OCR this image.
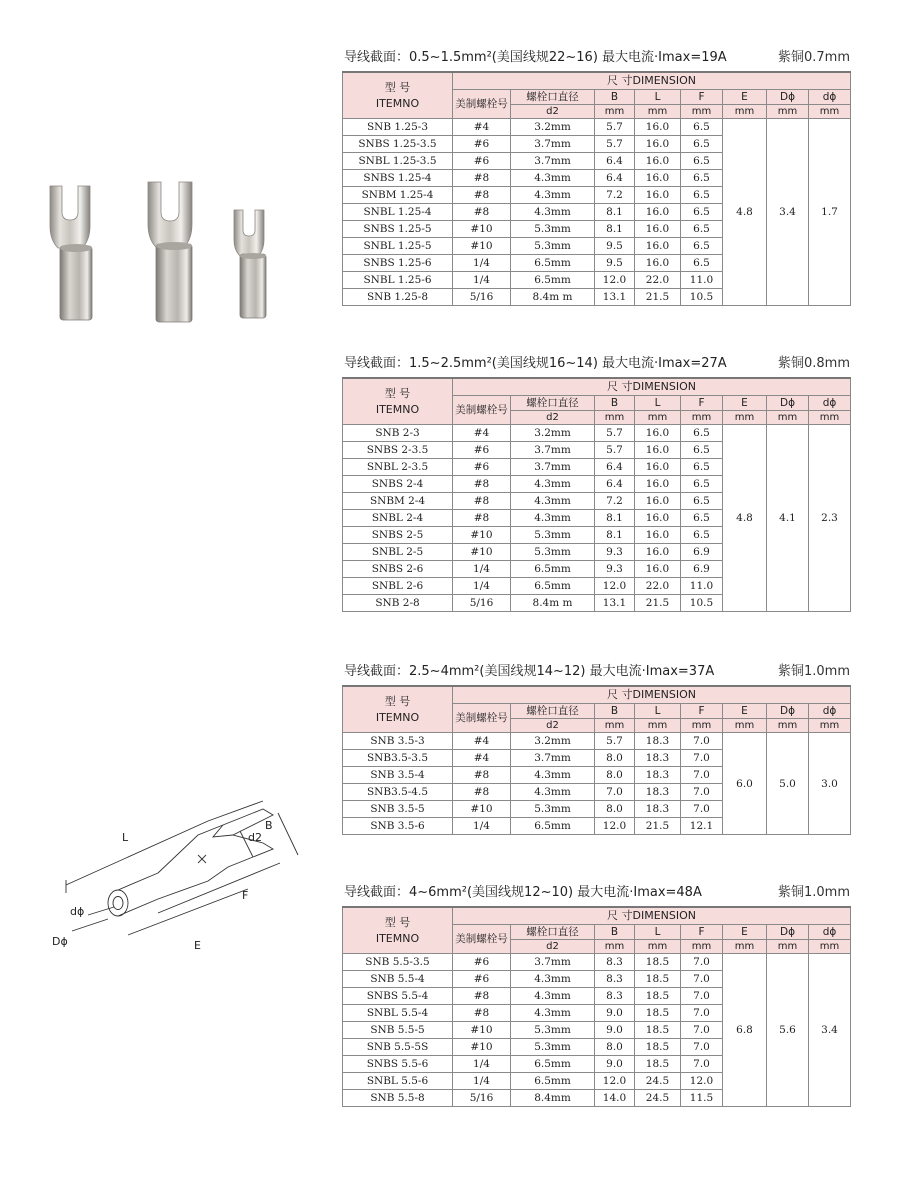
L
B
d2
F
E
dϕ
Dϕ
导线截面：0.5~1.5mm²(美国线规22~16) 最大电流·Imax=19A	紫铜0.7mm
型 号
ITEMNO	尺 寸DIMENSION							
	美制螺栓号	螺栓口直径	B	L	F	E	Dϕ	dϕ
		d2	mm	mm	mm	mm	mm	mm
SNB 1.25-3	#4	3.2mm	5.7	16.0	6.5	4.8	3.4	1.7
SNBS 1.25-3.5	#6	3.7mm	5.7	16.0	6.5			
SNBL 1.25-3.5	#6	3.7mm	6.4	16.0	6.5			
SNBS 1.25-4	#8	4.3mm	6.4	16.0	6.5			
SNBM 1.25-4	#8	4.3mm	7.2	16.0	6.5			
SNBL 1.25-4	#8	4.3mm	8.1	16.0	6.5			
SNBS 1.25-5	#10	5.3mm	8.1	16.0	6.5			
SNBL 1.25-5	#10	5.3mm	9.5	16.0	6.5			
SNBS 1.25-6	1/4	6.5mm	9.5	16.0	6.5			
SNBL 1.25-6	1/4	6.5mm	12.0	22.0	11.0			
SNB 1.25-8	5/16	8.4m m	13.1	21.5	10.5			
导线截面：1.5~2.5mm²(美国线规16~14) 最大电流·Imax=27A	紫铜0.8mm
型 号
ITEMNO	尺 寸DIMENSION							
	美制螺栓号	螺栓口直径	B	L	F	E	Dϕ	dϕ
		d2	mm	mm	mm	mm	mm	mm
SNB 2-3	#4	3.2mm	5.7	16.0	6.5	4.8	4.1	2.3
SNBS 2-3.5	#6	3.7mm	5.7	16.0	6.5			
SNBL 2-3.5	#6	3.7mm	6.4	16.0	6.5			
SNBS 2-4	#8	4.3mm	6.4	16.0	6.5			
SNBM 2-4	#8	4.3mm	7.2	16.0	6.5			
SNBL 2-4	#8	4.3mm	8.1	16.0	6.5			
SNBS 2-5	#10	5.3mm	8.1	16.0	6.5			
SNBL 2-5	#10	5.3mm	9.3	16.0	6.9			
SNBS 2-6	1/4	6.5mm	9.3	16.0	6.9			
SNBL 2-6	1/4	6.5mm	12.0	22.0	11.0			
SNB 2-8	5/16	8.4m m	13.1	21.5	10.5			
导线截面：2.5~4mm²(美国线规14~12) 最大电流·Imax=37A	紫铜1.0mm
型 号
ITEMNO	尺 寸DIMENSION							
	美制螺栓号	螺栓口直径	B	L	F	E	Dϕ	dϕ
		d2	mm	mm	mm	mm	mm	mm
SNB 3.5-3	#4	3.2mm	5.7	18.3	7.0	6.0	5.0	3.0
SNB3.5-3.5	#4	3.7mm	8.0	18.3	7.0			
SNB 3.5-4	#8	4.3mm	8.0	18.3	7.0			
SNB3.5-4.5	#8	4.3mm	7.0	18.3	7.0			
SNB 3.5-5	#10	5.3mm	8.0	18.3	7.0			
SNB 3.5-6	1/4	6.5mm	12.0	21.5	12.1			
导线截面：4~6mm²(美国线规12~10) 最大电流·Imax=48A	紫铜1.0mm
型 号
ITEMNO	尺 寸DIMENSION							
	美制螺栓号	螺栓口直径	B	L	F	E	Dϕ	dϕ
		d2	mm	mm	mm	mm	mm	mm
SNB 5.5-3.5	#6	3.7mm	8.3	18.5	7.0	6.8	5.6	3.4
SNB 5.5-4	#6	4.3mm	8.3	18.5	7.0			
SNBS 5.5-4	#8	4.3mm	8.3	18.5	7.0			
SNBL 5.5-4	#8	4.3mm	9.0	18.5	7.0			
SNB 5.5-5	#10	5.3mm	9.0	18.5	7.0			
SNB 5.5-5S	#10	5.3mm	8.0	18.5	7.0			
SNBS 5.5-6	1/4	6.5mm	9.0	18.5	7.0			
SNBL 5.5-6	1/4	6.5mm	12.0	24.5	12.0			
SNB 5.5-8	5/16	8.4mm	14.0	24.5	11.5			
